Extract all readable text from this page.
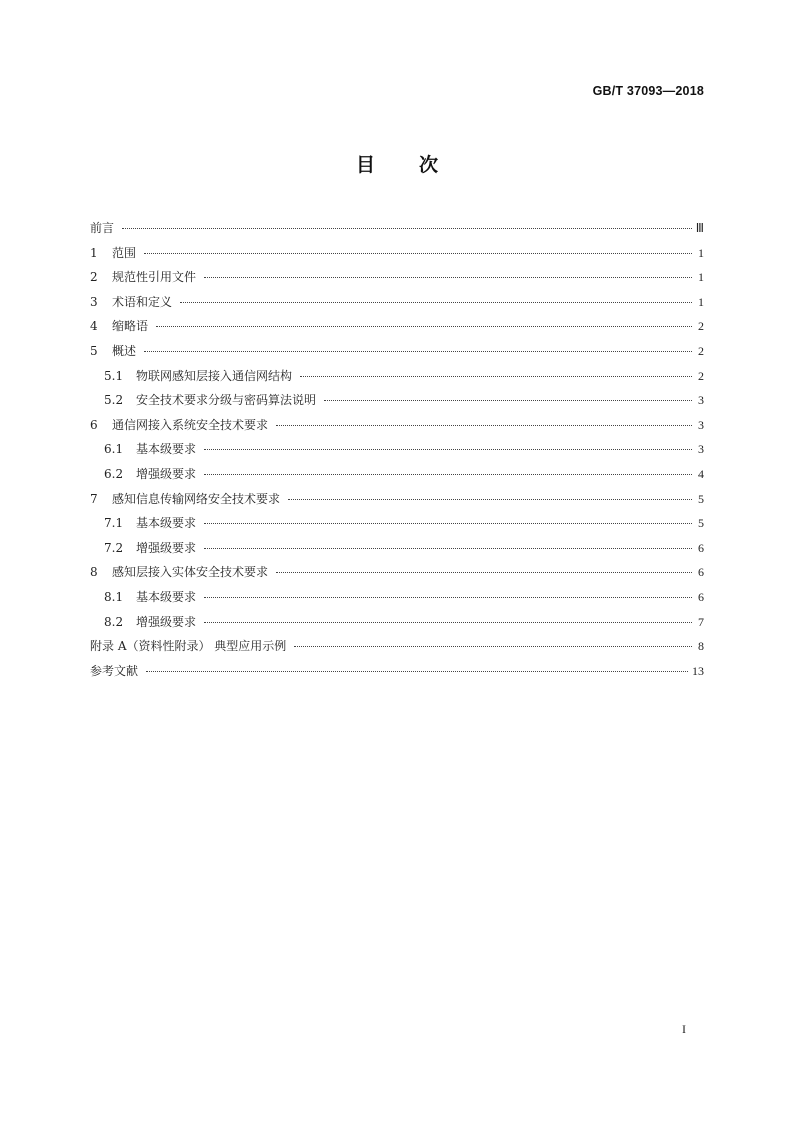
GB/T 37093—2018
目次
前言	Ⅲ
1	范围	1
2	规范性引用文件	1
3	术语和定义	1
4	缩略语	2
5	概述	2
5.1	物联网感知层接入通信网结构	2
5.2	安全技术要求分级与密码算法说明	3
6	通信网接入系统安全技术要求	3
6.1	基本级要求	3
6.2	增强级要求	4
7	感知信息传输网络安全技术要求	5
7.1	基本级要求	5
7.2	增强级要求	6
8	感知层接入实体安全技术要求	6
8.1	基本级要求	6
8.2	增强级要求	7
附录 A（资料性附录） 典型应用示例	8
参考文献	13
I
